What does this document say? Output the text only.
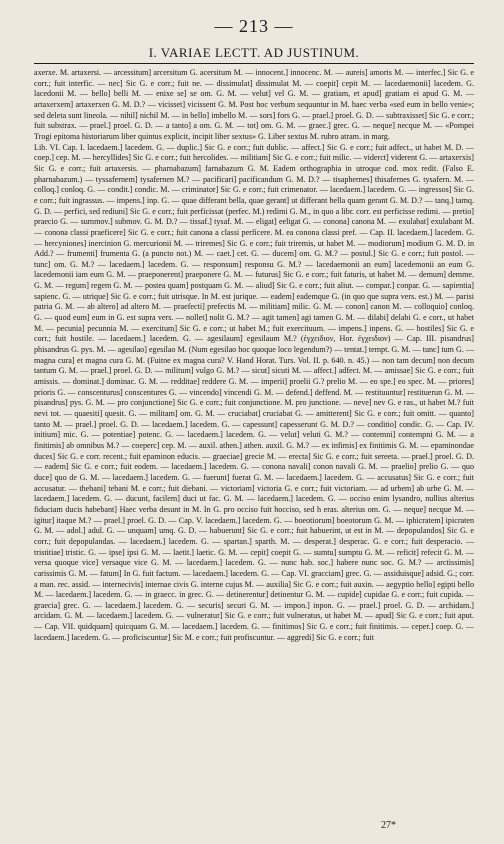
— 213 —
I. VARIAE LECTT. AD JUSTINUM.

axerxe. M. artaxersi. — arcessitum] arcersitum G. acersitum M. — innocent.] innocenc. M. — aureis] amoris M. — interfec.] Sic G. e corr.; fuit interfic. — nec] Sic G. e corr.; fuit ne. — dissimulat] dissimulat M. — coepit] cepit M. — lacedaemonii] lacedem. G. lacedonii M. — bello] belli M. — enixe se] se om. G. M. — velut] vel G. M. — gratiam, et apud] gratiam ei apud G. M. — artaxerxem] artaxerxen G. M. D.? — vicisset] vicissent G. M. Post hoc verbum sequuntur in M. haec verba «sed eum in bello venie»; sed deleta sunt lineola. — nihil] nichil M. — in bello] imbello M. — sors] fors G. — prael.] proel. G. D. — subtraxisset] Sic G. e corr.; fuit substrax. — prael.] proel. G. D. — a tanto] a om. G. M. — tot] om. G. M. — graec.] grec. G. — neque] necque M. — «Pompei Trogi epitoma historiarum liber quintus explicit, incipit liber sextus» G. Liber sextus M. rubro atram. in marg.

Lib. VI. Cap. I. lacedaem.] lacedem. G. — duplic.] Sic G. e corr.; fuit dublic. — affect.] Sic G. e corr.; fuit adfect., ut habet M. D. — coep.] cep. M. — hercyllides] Sic G. e corr.; fuit hercolides. — militiam] Sic G. e corr.; fuit milic. — viderct] viderent G. — artaxerxis] Sic G. e corr.; fuit artaxersis. — pharnabazum] farnabazum G. M. Eadem orthographia in utroque cod. mox redit. (Falso E. pharnabazum.) — tyssafernem] tysafernen M.? — pacificari] pacificandum G. M. D.? — tisaphernes] thisafernes G. tysafern. M. — colloq.] conloq. G. — condit.] condic. M. — criminator] Sic G. e corr.; fuit crimenator. — lacedaem.] lacedem. G. — ingressos] Sic G. e corr.; fuit ingrassus. — impens.] inp. G. — quae differant bella, quae gerant] ut differant bella quam gerant G. M. D.? — tanq.] tamq. G. D. — perfici, sed rediuni] Sic G. e corr.; fuit perficissat (perfec. M.) redimi G. M., in quo a libr. corr. est perficisse redimi. — pretio] praecio G. — summov.] submov. G. M. D.? — tissaf.] tysaf. M. — eligat] eeligat G. — conona] canona M. — exulabat] exulabant M. — conona classi praeficere] Sic G. e corr.; fuit canona a classi perficere. M. ea conona classi pref. — Cap. II. lacedaem.] lacedem. G. — hercyniones] inercinion G. mercurionii M. — triremes] Sic G. e corr.; fuit triremis, ut habet M. — modiorum] modium G. M. D. in Add.? — frumenti] frumenta G. (a puncto not.) M. — caet.] cet. G. — ducem] om. G. M.? — postul.] Sic G. e corr.; fuit postol. — tunc] om. G. M.? — lacedaem.] lacedem. G. — responsum] responsu G. M.? — lacedaemonii an eum] lacedemonii an eum G. lacedemonii iam eum G. M. — praeponerent] praeponere G. M. — futurus] Sic G. e corr.; fuit faturis, ut habet M. — demum] demme. G. M. — regum] regem G. M. — postea quam] postquam G. M. — aliud] Sic G. e corr.; fuit aliut. — compar.] conpar. G. — sapientia] sapienc. G. — utrique] Sic G. e corr.; fuit utrisque. In M. est jurique. — eadem] eademque G. (in quo que supra vers. est.) M. — parisi patria G. M. — ab altero] ad altero M. — praefecti] prefectis M. — militiam] milic. G. M. — conon] canon M. — colloquio] conloq. G. — quod eum] eum in G. est supra vers. — nollet] nolit G. M.? — agit tamen] agi tamen G. M. — dilabi] delabi G. e corr., ut habet M. — pecunia] pecunnia M. — exercitum] Sic G. e corr.; ut habet M.; fuit exercituum. — impens.] inpens. G. — hostiles] Sic G. e corr.; fuit hostile. — lacedaem.] lacedem. G. — agesilaum] egesilaum M.? (ἐγχειδιον, Hor. ἐγχειδιον) — Cap. III. pisandrus] phisandrus G. pys. M. — agesilao] egesilao M. (Num egesilao hoc quoque loco legendum?) — tentat.] tempt. G. M. — tunc] tum G. — magna cura] et magna cura G. M. (Fuitne ex magna cura? V. Hand Horat. Turs. Vol. II. p. 640. n. 45.) — non tam decum] non decum tantum G. M. — prael.] proel. G. D. — militum] vulgo G. M.? — sicut] sicuti M. — affect.] adfect. M. — amissae] Sic G. e corr.; fuit amissis. — dominat.] dominac. G. M. — redditae] reddere G. M. — imperii] proelii G.? prelio M. — eo spe.] eo spec. M. — priores] prioris G. — conscenturus] conscentures G. — vincendo] vincendi G. M. — defend.] deffend. M. — restituuntur] restituerun G. M. — pisandrus] pys. G. M. — pro conjunctione] Sic G. e corr.; fuit conjunctione. M. pro junctione. — neve] nev G. e ras., ut habet M.? fuit nevi tot. — quaesiti] quesit. G. — militam] om. G. M. — cruciabat] cruciabat G. — amitterent] Sic G. e corr.; fuit omitt. — quanto] tanto M. — prael.] proel. G. D. — lacedaem.] lacedem. G. — capessunt] capesserunt G. M. D.? — conditio] condic. G. — Cap. IV. initium] mic. G. — potentiae] potenc. G. — lacedaem.] lacedem. G. — velut] veluti G. M.? — contemni] contempni G. M. — a finitimis] ab omnibus M.? — coeperc] cep. M. — auxil. athen.] athen. auxil. G. M.? — ex infimis] ex finitimis G. M. — epaminondae duces] Sic G. e corr. recent.; fuit epaminon educis. — graeciae] grecie M. — erecta] Sic G. e corr.; fuit sereeta. — prael.] proel. G. D. — eadem] Sic G. e corr.; fuit eodem. — lacedaem.] lacedem. G. — conona navali] conon navali G. M. — praelio] prelio G. — quo duce] quo de G. M. — lacedaem.] lacedem. G. — fuerunt] fuerat G. M. — lacedaem.] lacedem. G. — accusatus] Sic G. e corr.; fuit accusatur. — thebani] tebani M. e corr.; fuit diebani. — victoriam] victoria G. e corr.; fuit victoriam. — ad urbem] ab urbe G. M. — lacedaem.] lacedem. G. — ducunt, facilem] duci ut fac. G. M. — lacedaem.] lacedem. G. — occiso enim lysandro, nullius alterius fiduciam ducis habebant] Haec verba desunt in M. In G. pro occiso fuit hocciso, sed h eras. alterius om. G. — neque] necque M. — igitur] itaque M.? — prael.] proel. G. D. — Cap. V. lacedaem.] lacedem. G. — boeotiorum] boeotorum G. M. — iphicratem] ipicraten G. M. — adol.] adul. G. — unquam] umq. G. D. — habuerunt] Sic G. e corr.; fuit habuerint, ut est in M. — depopulandos] Sic G. e corr.; fuit depopulandas. — lacedaem.] lacedem. G. — spartan.] sparth. M. — desperat.] desperac. G. e corr.; fuit desperacio. — tristitiae] tristic. G. — ipse] ipsi G. M. — laetit.] laetic. G. M. — cepit] coepit G. — sumtu] sumptu G. M. — reficit] refecit G. M. — versa quoque vice] versaque vice G. M. — lacedaem.] lacedem. G. — nunc hab. soc.] habere nunc soc. G. M.? — arctissimis] carissimis G. M. — fatum] In G. fuit factum. — lacedaem.] lacedem. G. — Cap. VI. gracciam] grec. G. — assiduisque] adsid. G.; corr. a man. rec. assid. — internecivis] internae civis G. interne cujus M. — auxilia] Sic G. e corr.; fuit auxin. — aegyptio bello] egipti bello M. — lacedaem.] lacedem. G. — in graecc. in grec. G. — detinerentur] detinentur G. M. — cupide] cupidae G. e corr.; fuit cupida. — graecia] grec. G. — lacedaem.] lacedem. G. — securis] securi G. M. — impon.] inpon. G. — prael.] proel. G. D. — archidam.] arcidam. G. M. — lacedaem.] lacedem. G. — vulneratur] Sic G. e corr.; fuit vulneratus, ut habet M. — apud] Sic G. e corr.; fuit aput. — Cap. VII. quidquam] quicquam G. M. — lacedaem.] lacedem. G. — finitimos] Sic G. e corr.; fuit finitimis. — ceper.] coep. G. — lacedaem.] lacedem. G. — proficiscuntur] Sic M. e corr.; fuit profiscuntur. — aggredi] Sic G. e corr.; fuit

27*
